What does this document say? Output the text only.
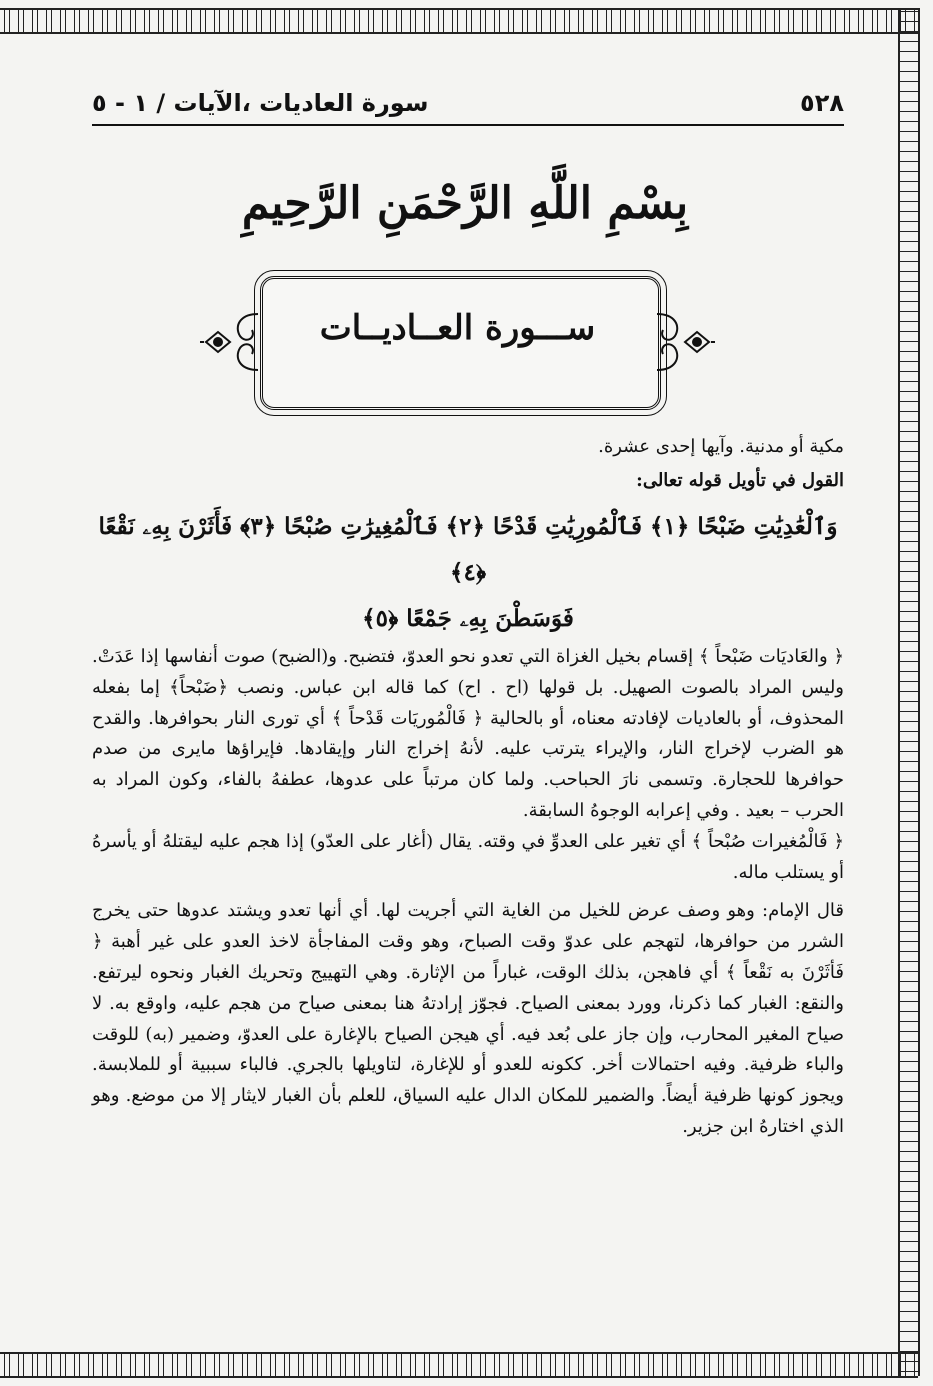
٥٢٨
سورة العاديات ،الآيات / ١ - ٥
بِسْمِ اللَّهِ الرَّحْمَنِ الرَّحِيمِ
ســـورة العــاديــات

مكية أو مدنية. وآيها إحدى عشرة.

القول في تأويل قوله تعالى:

وَٱلْعَٰدِيَٰتِ ضَبْحًا ﴿١﴾ فَٱلْمُورِيَٰتِ قَدْحًا ﴿٢﴾ فَٱلْمُغِيرَٰتِ صُبْحًا ﴿٣﴾ فَأَثَرْنَ بِهِۦ نَقْعًا ﴿٤﴾

فَوَسَطْنَ بِهِۦ جَمْعًا ﴿٥﴾

﴿ والعَاديَات ضَبْحاً ﴾ إقسام بخيل الغزاة التي تعدو نحو العدوّ، فتضبح. و(الضبح) صوت أنفاسها إذا عَدَتْ. وليس المراد بالصوت الصهيل. بل قولها (اح . اح) كما قاله ابن عباس. ونصب ﴿ضَبْحاً﴾ إما بفعله المحذوف، أو بالعاديات لإفادته معناه، أو بالحالية ﴿ فَالْمُوريَات قَدْحاً ﴾ أي تورى النار بحوافرها. والقدح هو الضرب لإخراج النار، والإيراء يترتب عليه. لأنهُ إخراج النار وإيقادها. فإيراؤها مايرى من صدم حوافرها للحجارة. وتسمى نارَ الحباحب. ولما كان مرتباً على عدوها، عطفهُ بالفاء، وكون المراد به الحرب – بعيد . وفي إعرابه الوجوهُ السابقة.

﴿ فَالْمُغيرات صُبْحاً ﴾ أي تغير على العدوِّ في وقته. يقال (أغار على العدّو) إذا هجم عليه ليقتلهُ أو يأسرهُ أو يستلب ماله.

قال الإمام: وهو وصف عرض للخيل من الغاية التي أجريت لها. أي أنها تعدو ويشتد عدوها حتى يخرج الشرر من حوافرها، لتهجم على عدوّ وقت الصباح، وهو وقت المفاجأة لاخذ العدو على غير أهبة ﴿ فَأثَرْنَ به نَقْعاً ﴾ أي فاهجن، بذلك الوقت، غباراً من الإثارة. وهي التهييج وتحريك الغبار ونحوه ليرتفع. والنقع: الغبار كما ذكرنا، وورد بمعنى الصياح. فجوّز إرادتهُ هنا بمعنى صياح من هجم عليه، واوقع به. لا صياح المغير المحارب، وإن جاز على بُعد فيه. أي هيجن الصياح بالإغارة على العدوّ، وضمير (به) للوقت والباء ظرفية. وفيه احتمالات أخر. ككونه للعدو أو للإغارة، لتاويلها بالجري. فالباء سببية أو للملابسة. ويجوز كونها ظرفية أيضاً. والضمير للمكان الدال عليه السياق، للعلم بأن الغبار لايثار إلا من موضع. وهو الذي اختارهُ ابن جزير.
